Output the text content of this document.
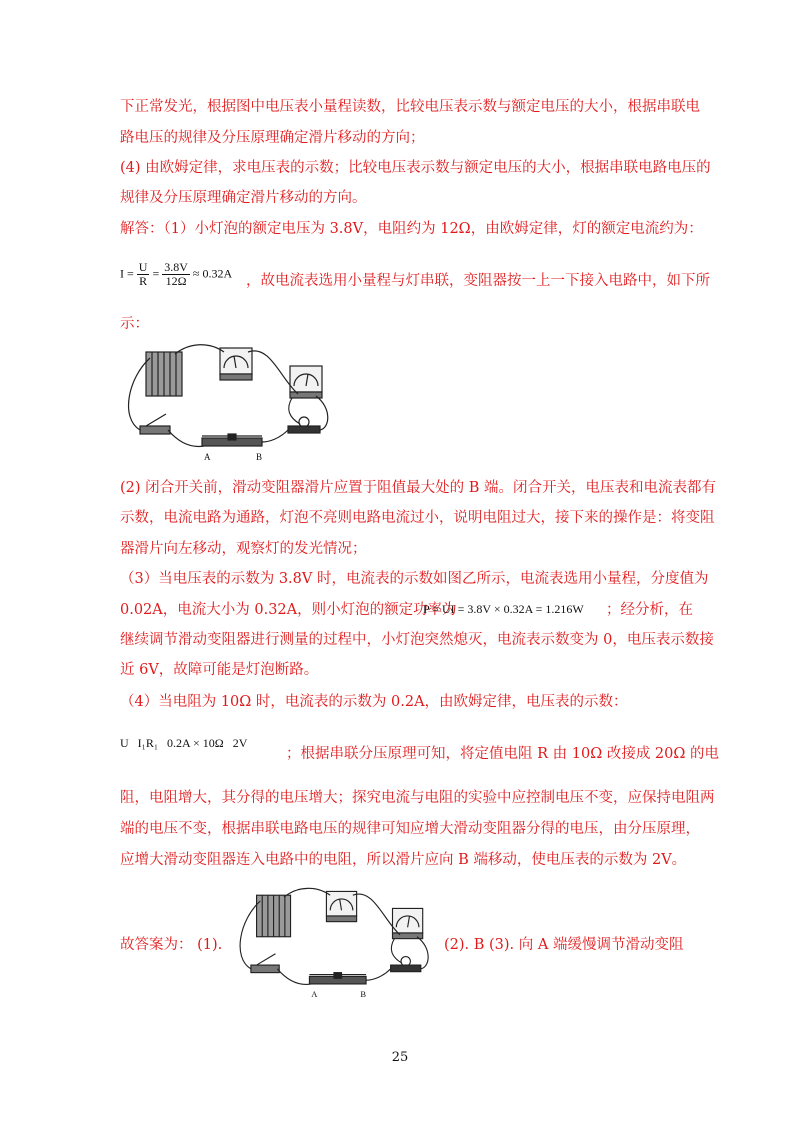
下正常发光，根据图中电压表小量程读数，比较电压表示数与额定电压的大小，根据串联电
路电压的规律及分压原理确定滑片移动的方向；
(4) 由欧姆定律，求电压表的示数；比较电压表示数与额定电压的大小，根据串联电路电压的
规律及分压原理确定滑片移动的方向。
解答：（1）小灯泡的额定电压为 3.8V，电阻约为 12Ω，由欧姆定律，灯的额定电流约为：
$I = \frac{U}{R} = \frac{3.8V}{12\Omega} \approx 0.32A$ ，故电流表选用小量程与灯串联，变阻器按一上一下接入电路中，如下所
示：
A	B
(2) 闭合开关前，滑动变阻器滑片应置于阻值最大处的 B 端。闭合开关，电压表和电流表都有
示数，电流电路为通路，灯泡不亮则电路电流过小，说明电阻过大，接下来的操作是：将变阻
器滑片向左移动，观察灯的发光情况；
（3）当电压表的示数为 3.8V 时，电流表的示数如图乙所示，电流表选用小量程，分度值为
0.02A，电流大小为 0.32A，则小灯泡的额定功率为
P = UI = 3.8V × 0.32A = 1.216W ；经分析，在
继续调节滑动变阻器进行测量的过程中，小灯泡突然熄灭，电流表示数变为 0，电压表示数接
近 6V，故障可能是灯泡断路。
（4）当电阻为 10Ω 时，电流表的示数为 0.2A，由欧姆定律，电压表的示数：
U   I₁R₁   0.2A × 10Ω   2V
；根据串联分压原理可知，将定值电阻 R 由 10Ω 改接成 20Ω 的电
阻，电阻增大，其分得的电压增大；探究电流与电阻的实验中应控制电压不变，应保持电阻两
端的电压不变，根据串联电路电压的规律可知应增大滑动变阻器分得的电压，由分压原理，
应增大滑动变阻器连入电路中的电阻，所以滑片应向 B 端移动，使电压表的示数为 2V。
故答案为： (1).
A	B
(2). B (3). 向 A 端缓慢调节滑动变阻
25
